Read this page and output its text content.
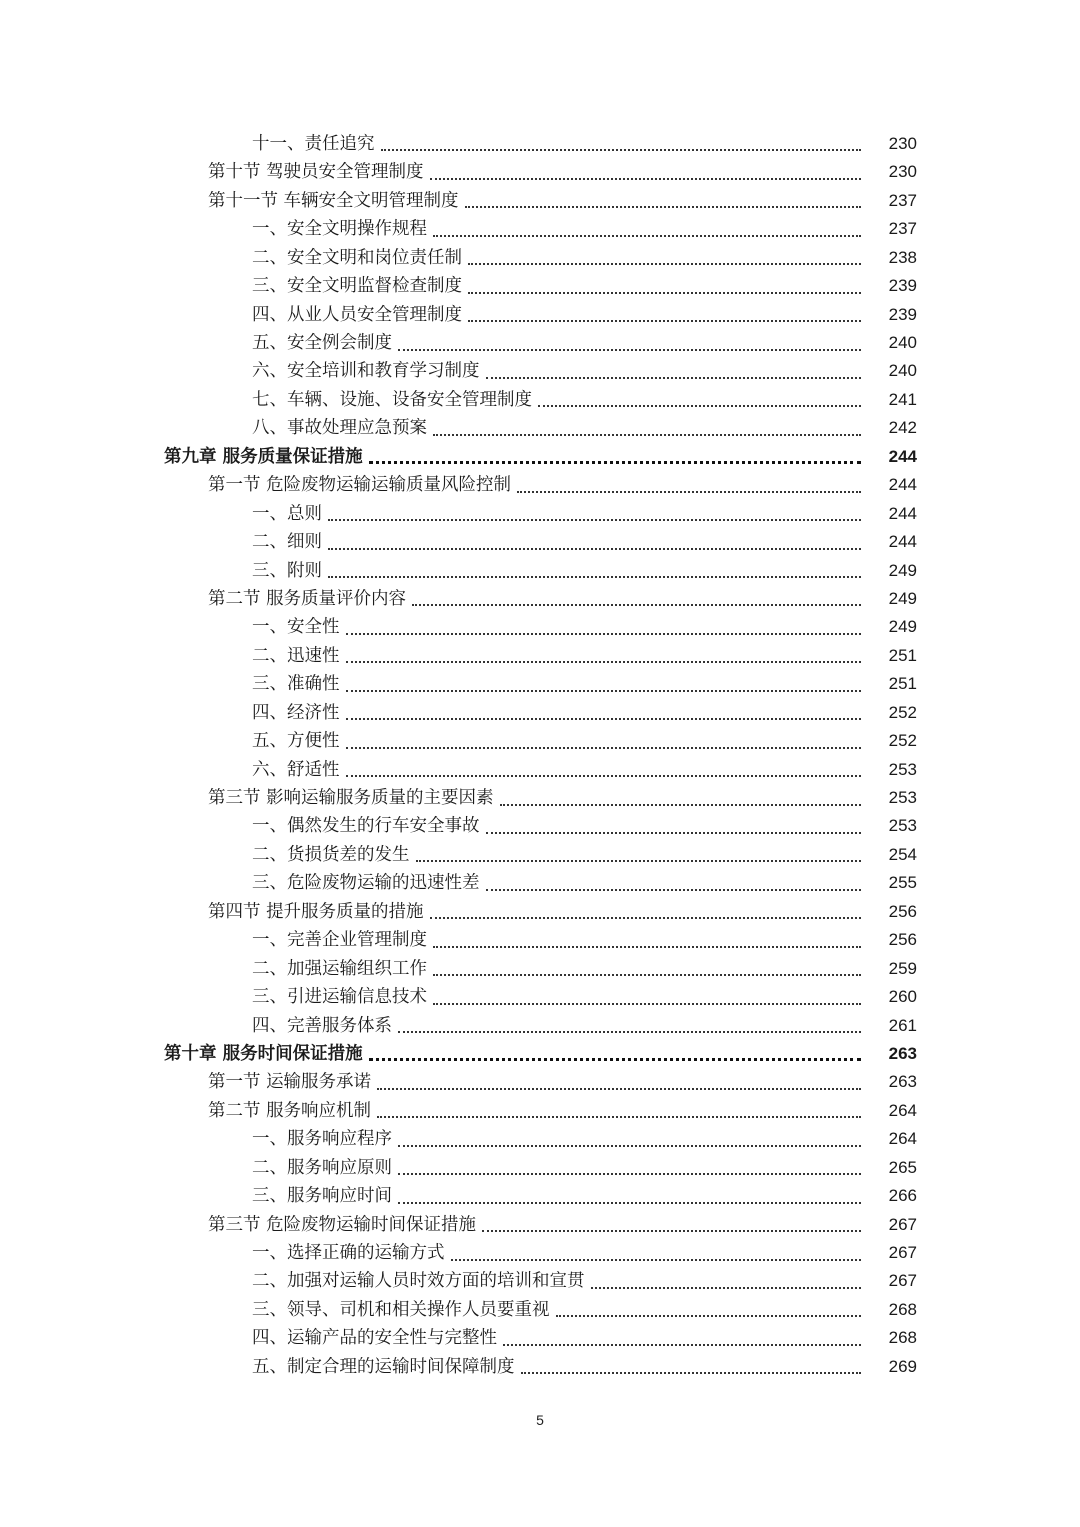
十一、责任追究	230
第十节 驾驶员安全管理制度	230
第十一节 车辆安全文明管理制度	237
一、安全文明操作规程	237
二、安全文明和岗位责任制	238
三、安全文明监督检查制度	239
四、从业人员安全管理制度	239
五、安全例会制度	240
六、安全培训和教育学习制度	240
七、车辆、设施、设备安全管理制度	241
八、事故处理应急预案	242
第九章 服务质量保证措施	244
第一节 危险废物运输运输质量风险控制	244
一、总则	244
二、细则	244
三、附则	249
第二节 服务质量评价内容	249
一、安全性	249
二、迅速性	251
三、准确性	251
四、经济性	252
五、方便性	252
六、舒适性	253
第三节 影响运输服务质量的主要因素	253
一、偶然发生的行车安全事故	253
二、货损货差的发生	254
三、危险废物运输的迅速性差	255
第四节 提升服务质量的措施	256
一、完善企业管理制度	256
二、加强运输组织工作	259
三、引进运输信息技术	260
四、完善服务体系	261
第十章 服务时间保证措施	263
第一节 运输服务承诺	263
第二节 服务响应机制	264
一、服务响应程序	264
二、服务响应原则	265
三、服务响应时间	266
第三节 危险废物运输时间保证措施	267
一、选择正确的运输方式	267
二、加强对运输人员时效方面的培训和宣贯	267
三、领导、司机和相关操作人员要重视	268
四、运输产品的安全性与完整性	268
五、制定合理的运输时间保障制度	269
5
